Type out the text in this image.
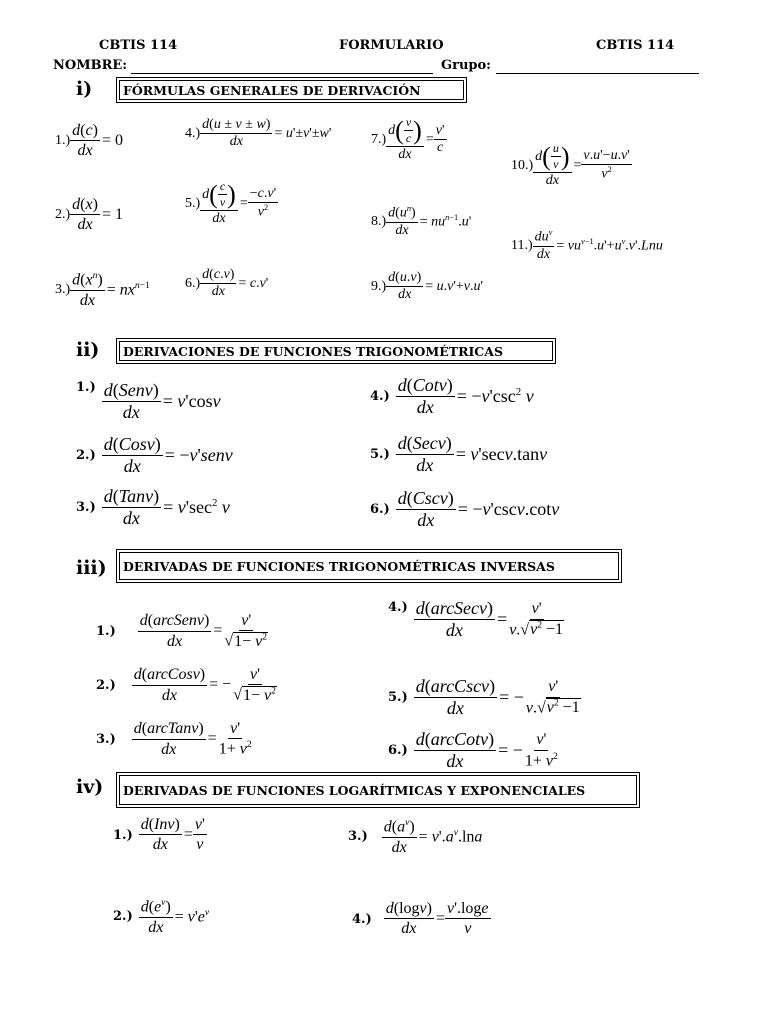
CBTIS 114	FORMULARIO	CBTIS 114
NOMBRE:	Grupo:
i)	FÓRMULAS GENERALES DE DERIVACIÓN
$1.) \frac{d(c)}{dx} = 0$	$4.) \frac{d(u \pm v \pm w)}{dx} = u'\pm v'\pm w'$	$7.) \frac{d( \frac{v}{c} )}{dx} = \frac{v'}{c}$
$10.) \frac{d( \frac{u}{v} )}{dx} = \frac{v.u'-u.v'}{v^2}$
$2.) \frac{d(x)}{dx} = 1$
$5.) \frac{d( \frac{c}{v} )}{dx} = \frac{-c.v'}{v^2}$	$8.) \frac{d(u^n)}{dx} = nu^{n-1}.u'$
11.)
$du^v$
dx
= $vu^{v-1}.u'+u^v.v'.Lnu$
$3.) \frac{d(x^n)}{dx} = nx^{n-1}$	$6.) \frac{d(c.v)}{dx} = c.v'$	$9.) \frac{d(u.v)}{dx} = u.v'+v.u'$
ii)	DERIVACIONES DE FUNCIONES TRIGONOMÉTRICAS
1.) d(Senv)
dx
= v'cosv
2.)
d(Cosv)
dx
= −v'senv
3.)
d(Tanv)
dx
= $v'\sec^2$ v
4.)
d(Cotv)
dx
= $-v'\csc^2$ v
5.)
d(Secv)
dx
= v'secv.tanv
6.)
d(Cscv)
dx
= −v'cscv.cotv
iii)	DERIVADAS DE FUNCIONES TRIGONOMÉTRICAS INVERSAS
1.)
d(arcSenv)
dx
= $\frac{v'}{√1- v^2}$
2.)
d(arcCosv)
dx
= − $\frac{v'}{√1- v^2}$
3.)
d(arcTanv)
dx
= $\frac{v'}{1+ v^2}$
4.) d(arcSecv)
dx
= $\frac{v'}{v.√v^2 -1}$
5.)
d(arcCscv)
dx
= − $\frac{v'}{v.√v^2 -1}$
6.)
d(arcCotv)
dx
= − $\frac{v'}{1+ v^2}$
iv)	DERIVADAS DE FUNCIONES LOGARÍTMICAS Y EXPONENCIALES
1.)
d(Inv)
dx
= $\frac{v'}{v}$
$2.) \frac{d(e^v)}{dx} = v'e^v$
$3.) \frac{d(a^v)}{dx} = v'.a^v.\ln a$
$4.) \frac{d(\log v)}{dx} = \frac{v'.\log e}{v}$
